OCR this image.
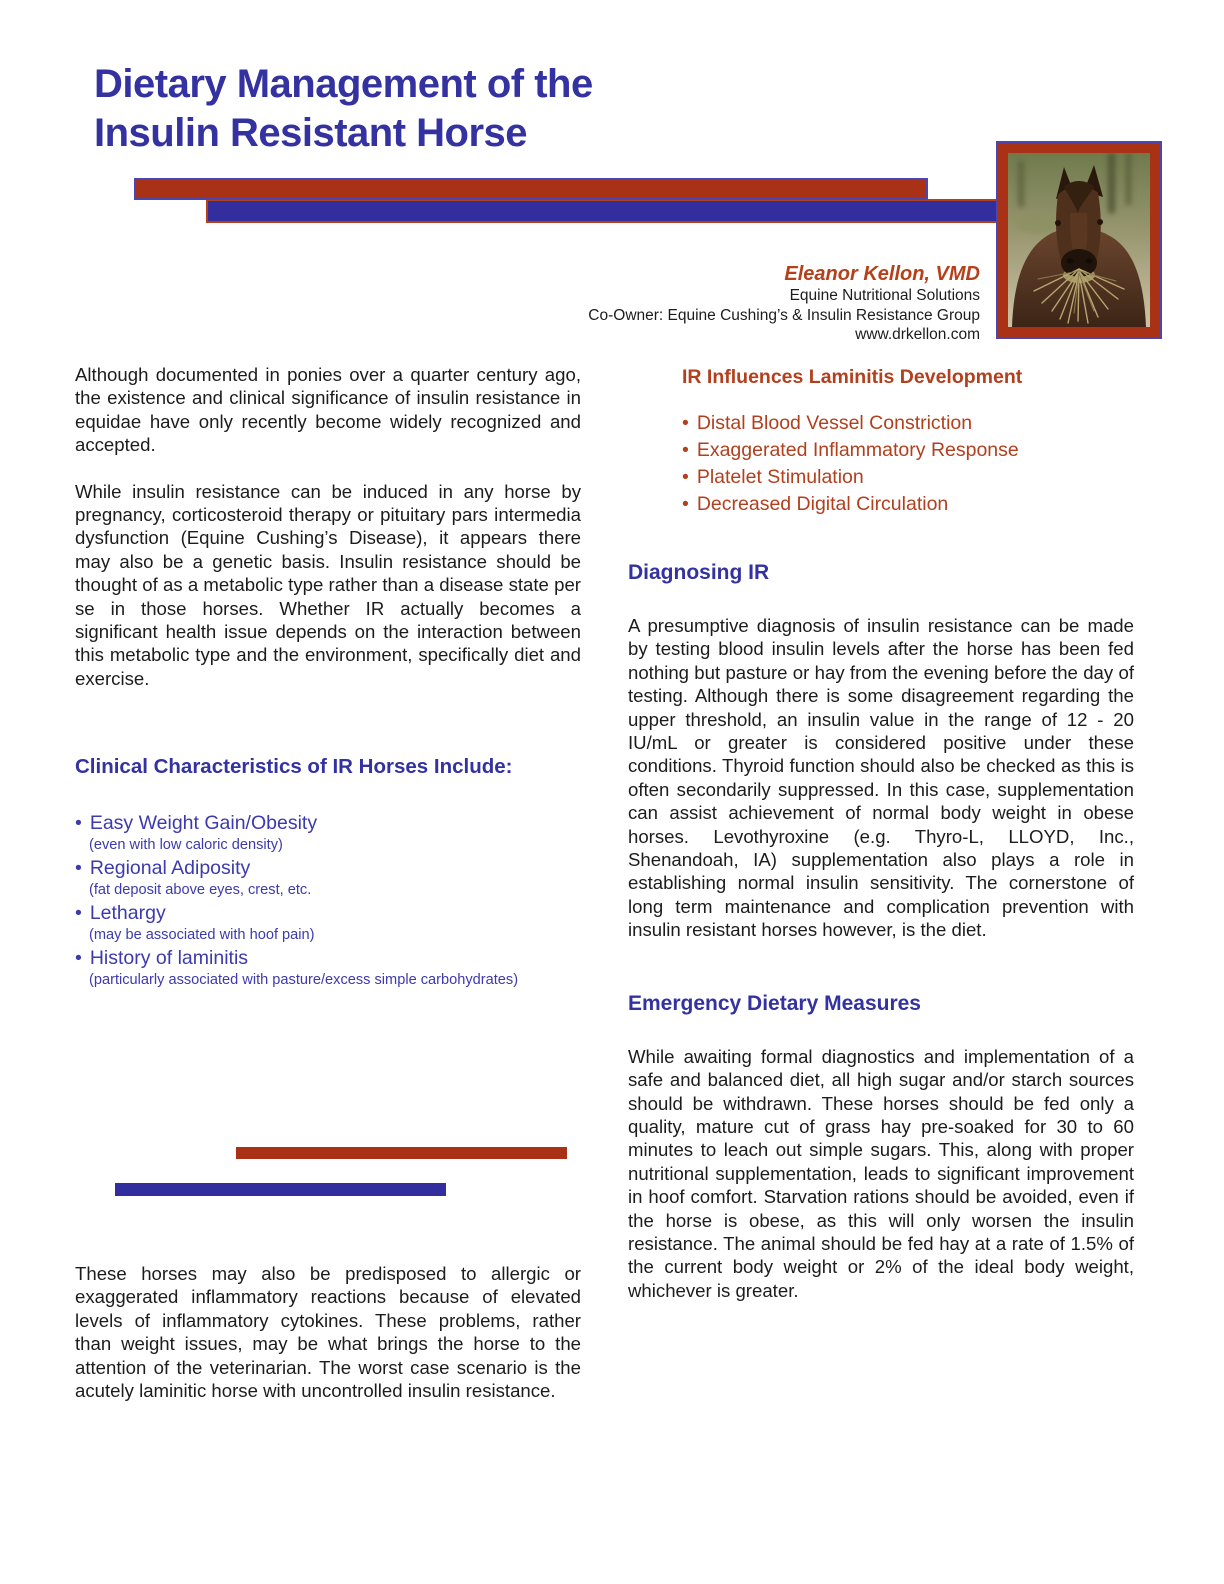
Dietary Management of the
Insulin Resistant Horse
Eleanor Kellon, VMD
Equine Nutritional Solutions
Co-Owner: Equine Cushing’s & Insulin Resistance Group
www.drkellon.com
Although documented in ponies over a quarter century ago, the existence and clinical significance of insulin resistance in equidae have only recently become widely recognized and accepted.
While insulin resistance can be induced in any horse by pregnancy, corticosteroid therapy or pituitary pars intermedia dysfunction (Equine Cushing’s Disease), it appears there may also be a genetic basis. Insulin resistance should be thought of as a metabolic type rather than a disease state per se in those horses. Whether IR actually becomes a significant health issue depends on the interaction between this metabolic type and the environment, specifically diet and exercise.
Clinical Characteristics of IR Horses Include:
• Easy Weight Gain/Obesity
(even with low caloric density)
• Regional Adiposity
(fat deposit above eyes, crest, etc.
• Lethargy
(may be associated with hoof pain)
• History of laminitis
(particularly associated with pasture/excess simple carbohydrates)
These horses may also be predisposed to allergic or exaggerated inflammatory reactions because of elevated levels of inflammatory cytokines. These problems, rather than weight issues, may be what brings the horse to the attention of the veterinarian. The worst case scenario is the acutely laminitic horse with uncontrolled insulin resistance.
IR Influences Laminitis Development
• Distal Blood Vessel Constriction
• Exaggerated Inflammatory Response
• Platelet Stimulation
• Decreased Digital Circulation
Diagnosing IR
A presumptive diagnosis of insulin resistance can be made by testing blood insulin levels after the horse has been fed nothing but pasture or hay from the evening before the day of testing. Although there is some disagreement regarding the upper threshold, an insulin value in the range of 12 - 20 IU/mL or greater is considered positive under these conditions. Thyroid function should also be checked as this is often secondarily suppressed. In this case, supplementation can assist achievement of normal body weight in obese horses. Levothyroxine (e.g. Thyro-L, LLOYD, Inc., Shenandoah, IA) supplementation also plays a role in establishing normal insulin sensitivity. The cornerstone of long term maintenance and complication prevention with insulin resistant horses however, is the diet.
Emergency Dietary Measures
While awaiting formal diagnostics and implementation of a safe and balanced diet, all high sugar and/or starch sources should be withdrawn. These horses should be fed only a quality, mature cut of grass hay pre-soaked for 30 to 60 minutes to leach out simple sugars. This, along with proper nutritional supplementation, leads to significant improvement in hoof comfort. Starvation rations should be avoided, even if the horse is obese, as this will only worsen the insulin resistance. The animal should be fed hay at a rate of 1.5% of the current body weight or 2% of the ideal body weight, whichever is greater.
